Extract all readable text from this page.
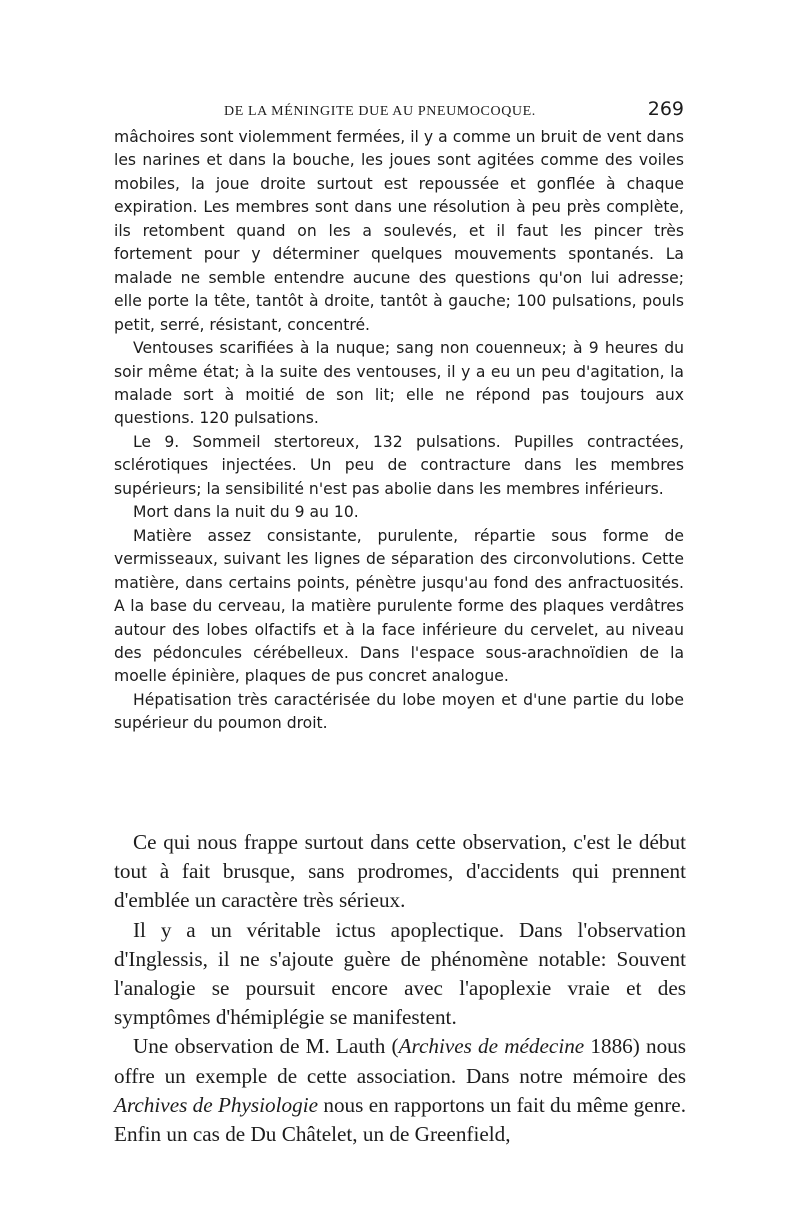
DE LA MÉNINGITE DUE AU PNEUMOCOQUE.	269

mâchoires sont violemment fermées, il y a comme un bruit de vent dans les narines et dans la bouche, les joues sont agitées comme des voiles mobiles, la joue droite surtout est repoussée et gonflée à chaque expiration. Les membres sont dans une résolution à peu près complète, ils retombent quand on les a soulevés, et il faut les pincer très fortement pour y déterminer quelques mouvements spontanés. La malade ne semble entendre aucune des questions qu'on lui adresse; elle porte la tête, tantôt à droite, tantôt à gauche; 100 pulsations, pouls petit, serré, résistant, concentré.

Ventouses scarifiées à la nuque; sang non couenneux; à 9 heures du soir même état; à la suite des ventouses, il y a eu un peu d'agitation, la malade sort à moitié de son lit; elle ne répond pas toujours aux questions. 120 pulsations.

Le 9. Sommeil stertoreux, 132 pulsations. Pupilles contractées, sclérotiques injectées. Un peu de contracture dans les membres supérieurs; la sensibilité n'est pas abolie dans les membres inférieurs.

Mort dans la nuit du 9 au 10.

Matière assez consistante, purulente, répartie sous forme de vermisseaux, suivant les lignes de séparation des circonvolutions. Cette matière, dans certains points, pénètre jusqu'au fond des anfractuosités. A la base du cerveau, la matière purulente forme des plaques verdâtres autour des lobes olfactifs et à la face inférieure du cervelet, au niveau des pédoncules cérébelleux. Dans l'espace sous-arachnoïdien de la moelle épinière, plaques de pus concret analogue.

Hépatisation très caractérisée du lobe moyen et d'une partie du lobe supérieur du poumon droit.

Ce qui nous frappe surtout dans cette observation, c'est le début tout à fait brusque, sans prodromes, d'accidents qui prennent d'emblée un caractère très sérieux.

Il y a un véritable ictus apoplectique. Dans l'observation d'Inglessis, il ne s'ajoute guère de phénomène notable: Souvent l'analogie se poursuit encore avec l'apoplexie vraie et des symptômes d'hémiplégie se manifestent.

Une observation de M. Lauth (Archives de médecine 1886) nous offre un exemple de cette association. Dans notre mémoire des Archives de Physiologie nous en rapportons un fait du même genre. Enfin un cas de Du Châtelet, un de Greenfield,
